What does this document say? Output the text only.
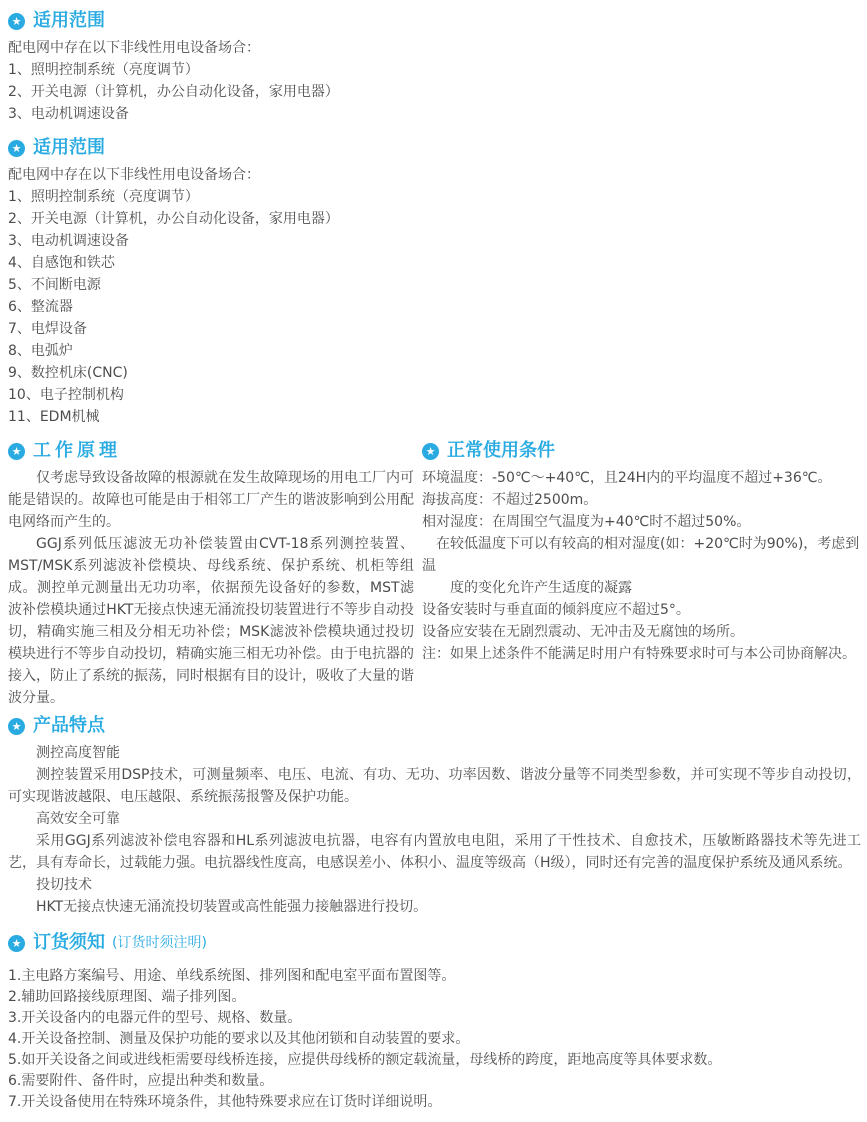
★ 适用范围
配电网中存在以下非线性用电设备场合：
1、照明控制系统（亮度调节）
2、开关电源（计算机，办公自动化设备，家用电器）
3、电动机调速设备
★ 适用范围
配电网中存在以下非线性用电设备场合：
1、照明控制系统（亮度调节）
2、开关电源（计算机，办公自动化设备，家用电器）
3、电动机调速设备
4、自感饱和铁芯
5、不间断电源
6、整流器
7、电焊设备
8、电弧炉
9、数控机床(CNC)
10、电子控制机构
11、EDM机械
★ 工作原理

仅考虑导致设备故障的根源就在发生故障现场的用电工厂内可能是错误的。故障也可能是由于相邻工厂产生的谐波影响到公用配电网络而产生的。

GGJ系列低压滤波无功补偿装置由CVT-18系列测控装置、MST/MSK系列滤波补偿模块、母线系统、保护系统、机柜等组成。测控单元测量出无功功率，依据预先设备好的参数，MST滤波补偿模块通过HKT无接点快速无涌流投切装置进行不等步自动投切，精确实施三相及分相无功补偿；MSK滤波补偿模块通过投切模块进行不等步自动投切，精确实施三相无功补偿。由于电抗器的接入，防止了系统的振荡，同时根据有目的设计，吸收了大量的谐波分量。

★ 正常使用条件
环境温度：-50℃～+40℃，且24H内的平均温度不超过+36℃。
海拔高度：不超过2500m。
相对湿度：在周围空气温度为+40℃时不超过50%。
　在较低温度下可以有较高的相对湿度(如：+20℃时为90%)，考虑到温
　　度的变化允许产生适度的凝露
设备安装时与垂直面的倾斜度应不超过5°。
设备应安装在无剧烈震动、无冲击及无腐蚀的场所。
注：如果上述条件不能满足时用户有特殊要求时可与本公司协商解决。
★ 产品特点

测控高度智能

测控装置采用DSP技术，可测量频率、电压、电流、有功、无功、功率因数、谐波分量等不同类型参数，并可实现不等步自动投切，可实现谐波越限、电压越限、系统振荡报警及保护功能。

高效安全可靠

采用GGJ系列滤波补偿电容器和HL系列滤波电抗器，电容有内置放电电阻，采用了干性技术、自愈技术，压敏断路器技术等先进工艺，具有寿命长，过载能力强。电抗器线性度高，电感误差小、体积小、温度等级高（H级），同时还有完善的温度保护系统及通风系统。

投切技术

HKT无接点快速无涌流投切装置或高性能强力接触器进行投切。

★ 订货须知 (订货时须注明)
1.主电路方案编号、用途、单线系统图、排列图和配电室平面布置图等。
2.辅助回路接线原理图、端子排列图。
3.开关设备内的电器元件的型号、规格、数量。
4.开关设备控制、测量及保护功能的要求以及其他闭锁和自动装置的要求。
5.如开关设备之间或进线柜需要母线桥连接，应提供母线桥的额定载流量，母线桥的跨度，距地高度等具体要求数。
6.需要附件、备件时，应提出种类和数量。
7.开关设备使用在特殊环境条件，其他特殊要求应在订货时详细说明。
